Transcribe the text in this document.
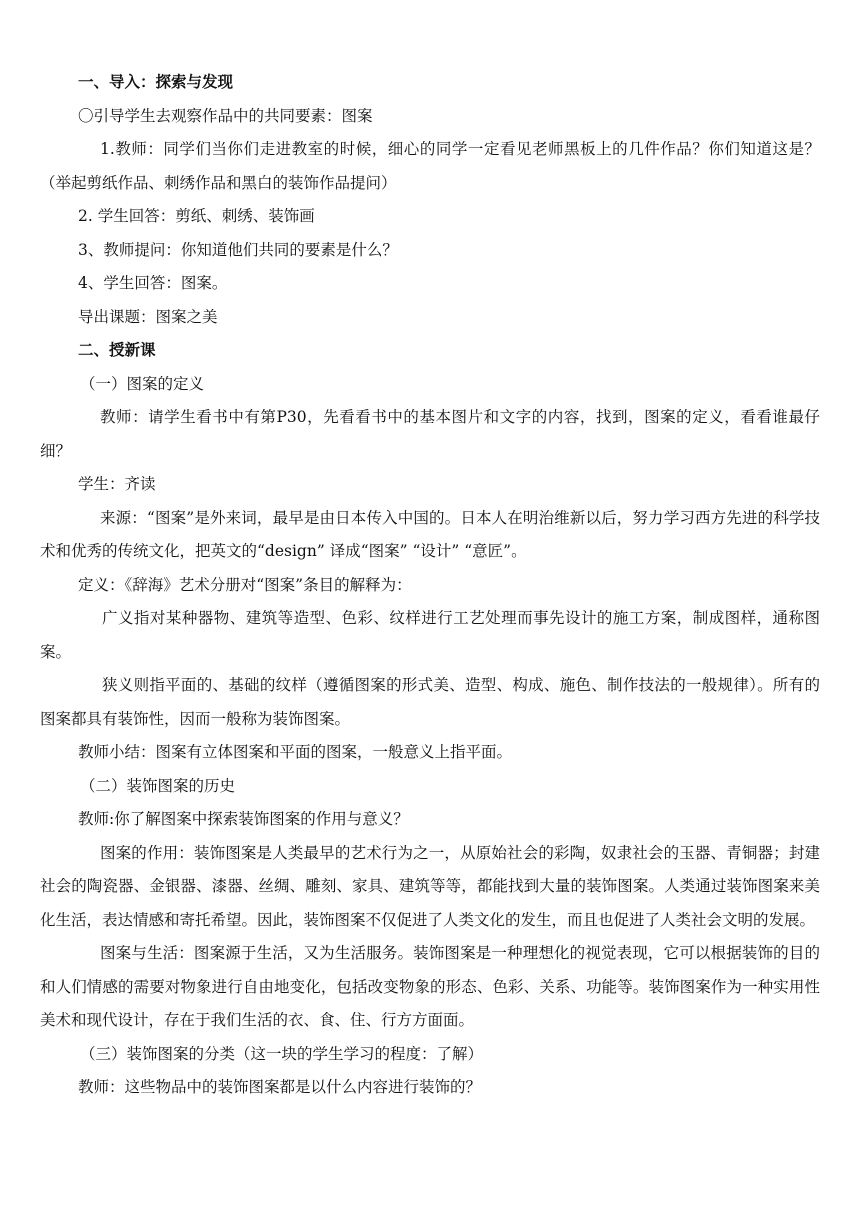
一、导入：探索与发现

〇引导学生去观察作品中的共同要素：图案

1.教师：同学们当你们走进教室的时候，细心的同学一定看见老师黑板上的几件作品？你们知道这是？（举起剪纸作品、刺绣作品和黑白的装饰作品提问）

2. 学生回答：剪纸、刺绣、装饰画

3、教师提问：你知道他们共同的要素是什么？

4、学生回答：图案。

导出课题：图案之美

二、授新课

（一）图案的定义

教师：请学生看书中有第P30，先看看书中的基本图片和文字的内容，找到，图案的定义，看看谁最仔细？

学生：齐读

来源：“图案”是外来词，最早是由日本传入中国的。日本人在明治维新以后，努力学习西方先进的科学技术和优秀的传统文化，把英文的“design” 译成“图案” “设计” “意匠”。

定义：《辞海》艺术分册对“图案”条目的解释为：

广义指对某种器物、建筑等造型、色彩、纹样进行工艺处理而事先设计的施工方案，制成图样，通称图案。

狭义则指平面的、基础的纹样（遵循图案的形式美、造型、构成、施色、制作技法的一般规律）。所有的图案都具有装饰性，因而一般称为装饰图案。

教师小结：图案有立体图案和平面的图案，一般意义上指平面。

（二）装饰图案的历史

教师:你了解图案中探索装饰图案的作用与意义？

图案的作用：装饰图案是人类最早的艺术行为之一，从原始社会的彩陶，奴隶社会的玉器、青铜器；封建社会的陶瓷器、金银器、漆器、丝绸、雕刻、家具、建筑等等，都能找到大量的装饰图案。人类通过装饰图案来美化生活，表达情感和寄托希望。因此，装饰图案不仅促进了人类文化的发生，而且也促进了人类社会文明的发展。

图案与生活：图案源于生活，又为生活服务。装饰图案是一种理想化的视觉表现，它可以根据装饰的目的和人们情感的需要对物象进行自由地变化，包括改变物象的形态、色彩、关系、功能等。装饰图案作为一种实用性美术和现代设计，存在于我们生活的衣、食、住、行方方面面。

（三）装饰图案的分类（这一块的学生学习的程度：了解）

教师：这些物品中的装饰图案都是以什么内容进行装饰的？
